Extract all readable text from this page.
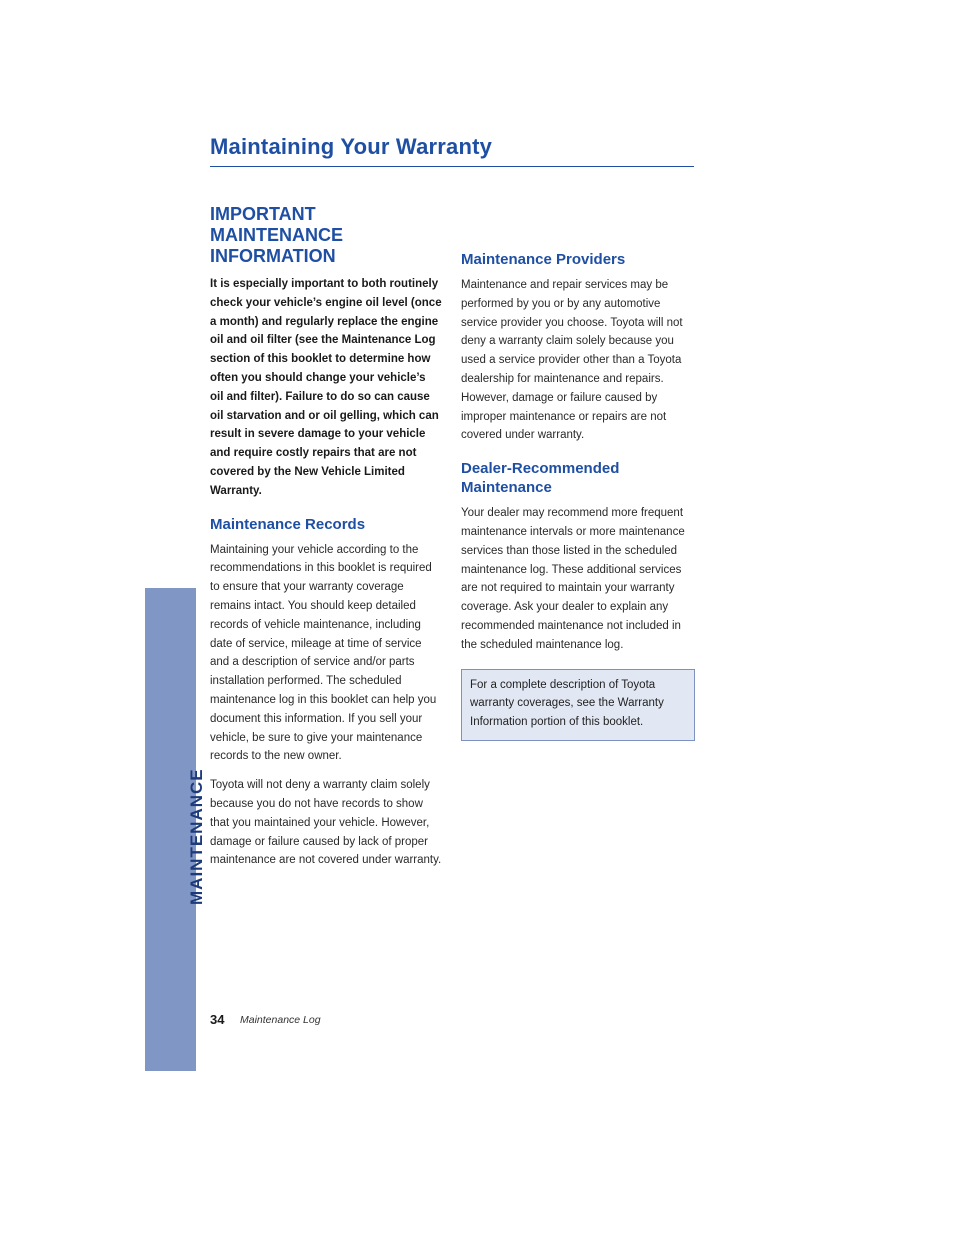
MAINTENANCE
Maintaining Your Warranty
IMPORTANT MAINTENANCE INFORMATION

It is especially important to both routinely check your vehicle’s engine oil level (once a month) and regularly replace the engine oil and oil filter (see the Maintenance Log section of this booklet to determine how often you should change your vehicle’s oil and filter). Failure to do so can cause oil starvation and or oil gelling, which can result in severe damage to your vehicle and require costly repairs that are not covered by the New Vehicle Limited Warranty.

Maintenance Records

Maintaining your vehicle according to the recommendations in this booklet is required to ensure that your warranty coverage remains intact. You should keep detailed records of vehicle maintenance, including date of service, mileage at time of service and a description of service and/or parts installation performed. The scheduled maintenance log in this booklet can help you document this information. If you sell your vehicle, be sure to give your maintenance records to the new owner.

Toyota will not deny a warranty claim solely because you do not have records to show that you maintained your vehicle. However, damage or failure caused by lack of proper maintenance are not covered under warranty.

Maintenance Providers

Maintenance and repair services may be performed by you or by any automotive service provider you choose. Toyota will not deny a warranty claim solely because you used a service provider other than a Toyota dealership for maintenance and repairs. However, damage or failure caused by improper maintenance or repairs are not covered under warranty.

Dealer-Recommended Maintenance

Your dealer may recommend more frequent maintenance intervals or more maintenance services than those listed in the scheduled maintenance log. These additional services are not required to maintain your warranty coverage. Ask your dealer to explain any recommended maintenance not included in the scheduled maintenance log.

For a complete description of Toyota warranty coverages, see the Warranty Information portion of this booklet.
34 Maintenance Log
